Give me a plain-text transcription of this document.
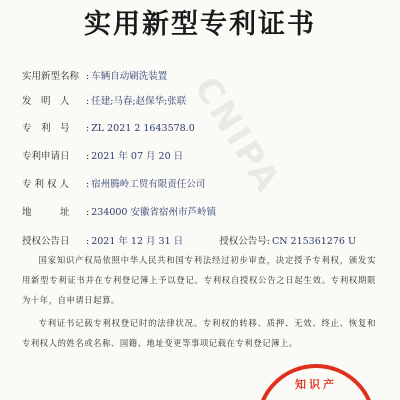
CNIPA
实用新型专利证书
实用新型名称 : 车辆自动刷洗装置
发　明　人 : 任建;马春;赵保华;张联
专　利　号 : ZL 2021 2 1643578.0
专利申请日 : 2021 年 07 月 20 日
专 利 权 人 : 宿州腾岭工贸有限责任公司
地　　　址 : 234000 安徽省宿州市芦岭镇
授权公告日 : 2021 年 12 月 31 日	授权公告号: CN 215361276 U
国家知识产权局依照中华人民共和国专利法经过初步审查，决定授予专利权，颁发实用新型专利证书并在专利登记簿上予以登记。专利权自授权公告之日起生效。专利权期限为十年，自申请日起算。
专利证书记载专利权登记时的法律状况。专利权的转移、质押、无效、终止、恢复和专利权人的姓名或名称、国籍、地址变更等事项记载在专利登记簿上。
知识产
